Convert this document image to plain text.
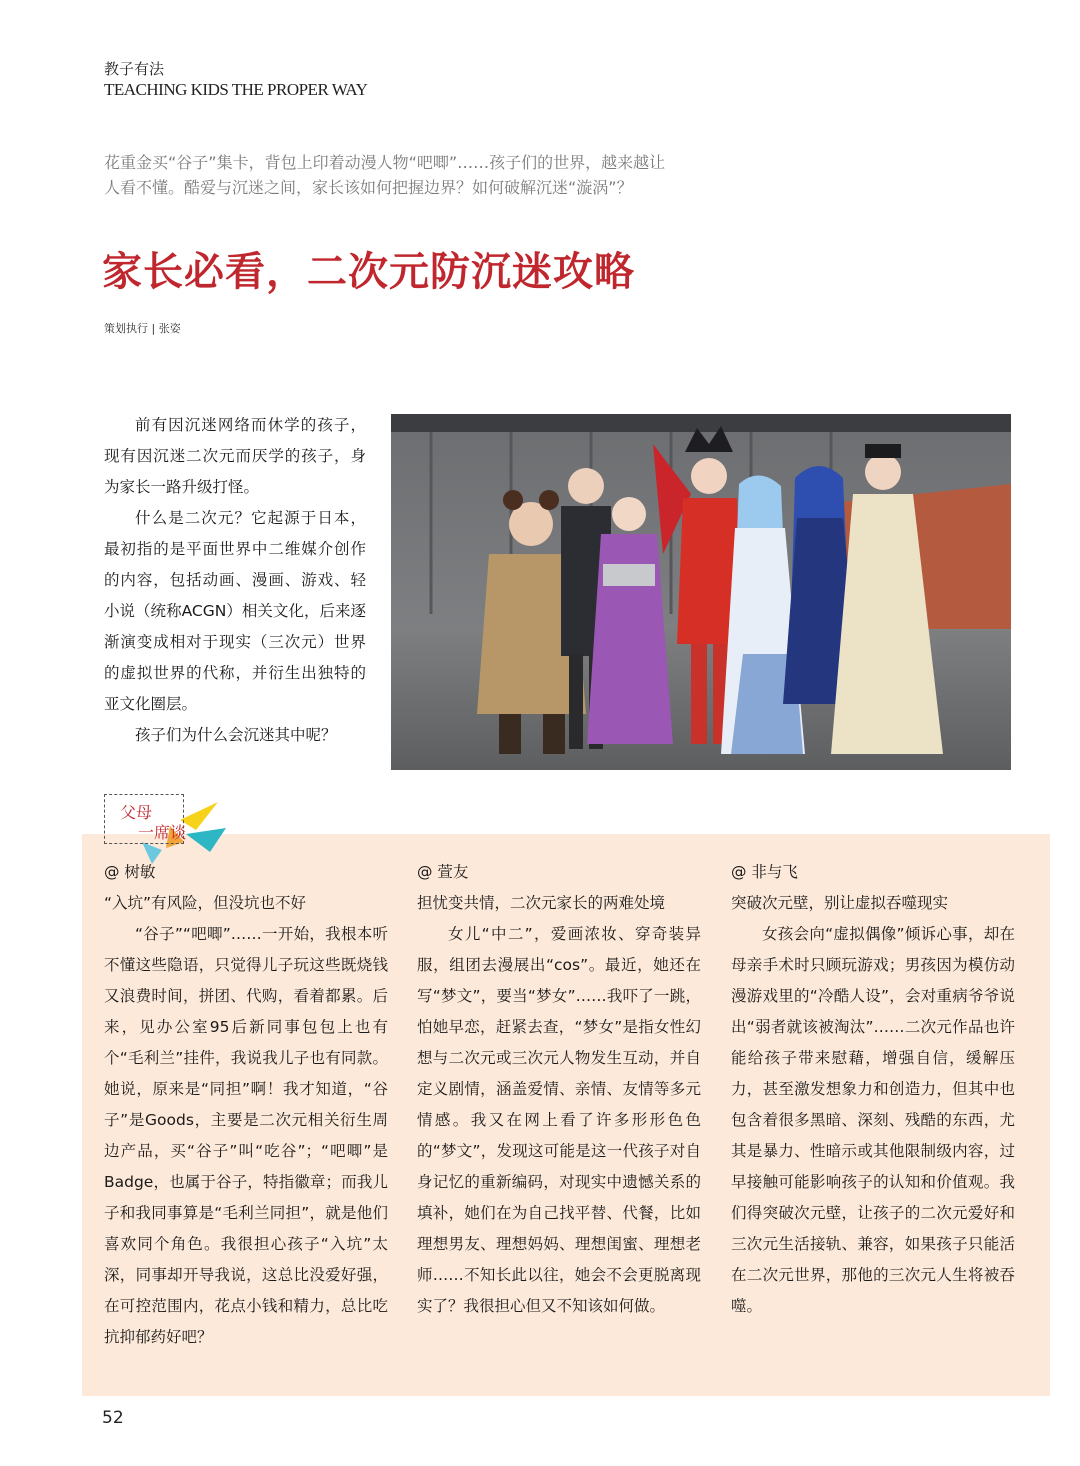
教子有法
TEACHING KIDS THE PROPER WAY
花重金买“谷子”集卡，背包上印着动漫人物“吧唧”……孩子们的世界，越来越让人看不懂。酷爱与沉迷之间，家长该如何把握边界？如何破解沉迷“漩涡”？
家长必看，二次元防沉迷攻略
策划执行 | 张姿

前有因沉迷网络而休学的孩子，现有因沉迷二次元而厌学的孩子，身为家长一路升级打怪。

什么是二次元？它起源于日本，最初指的是平面世界中二维媒介创作的内容，包括动画、漫画、游戏、轻小说（统称ACGN）相关文化，后来逐渐演变成相对于现实（三次元）世界的虚拟世界的代称，并衍生出独特的亚文化圈层。

孩子们为什么会沉迷其中呢？

父母
一席谈

@ 树敏

“入坑”有风险，但没坑也不好

“谷子”“吧唧”……一开始，我根本听不懂这些隐语，只觉得儿子玩这些既烧钱又浪费时间，拼团、代购，看着都累。后来，见办公室95后新同事包包上也有个“毛利兰”挂件，我说我儿子也有同款。她说，原来是“同担”啊！我才知道，“谷子”是Goods，主要是二次元相关衍生周边产品，买“谷子”叫“吃谷”；“吧唧”是Badge，也属于谷子，特指徽章；而我儿子和我同事算是“毛利兰同担”，就是他们喜欢同个角色。我很担心孩子“入坑”太深，同事却开导我说，这总比没爱好强，在可控范围内，花点小钱和精力，总比吃抗抑郁药好吧？

@ 萱友

担忧变共情，二次元家长的两难处境

女儿“中二”，爱画浓妆、穿奇装异服，组团去漫展出“cos”。最近，她还在写“梦文”，要当“梦女”……我吓了一跳，怕她早恋，赶紧去查，“梦女”是指女性幻想与二次元或三次元人物发生互动，并自定义剧情，涵盖爱情、亲情、友情等多元情感。我又在网上看了许多形形色色的“梦文”，发现这可能是这一代孩子对自身记忆的重新编码，对现实中遗憾关系的填补，她们在为自己找平替、代餐，比如理想男友、理想妈妈、理想闺蜜、理想老师……不知长此以往，她会不会更脱离现实了？我很担心但又不知该如何做。

@ 非与飞

突破次元壁，别让虚拟吞噬现实

女孩会向“虚拟偶像”倾诉心事，却在母亲手术时只顾玩游戏；男孩因为模仿动漫游戏里的“冷酷人设”，会对重病爷爷说出“弱者就该被淘汰”……二次元作品也许能给孩子带来慰藉，增强自信，缓解压力，甚至激发想象力和创造力，但其中也包含着很多黑暗、深刻、残酷的东西，尤其是暴力、性暗示或其他限制级内容，过早接触可能影响孩子的认知和价值观。我们得突破次元壁，让孩子的二次元爱好和三次元生活接轨、兼容，如果孩子只能活在二次元世界，那他的三次元人生将被吞噬。

52
